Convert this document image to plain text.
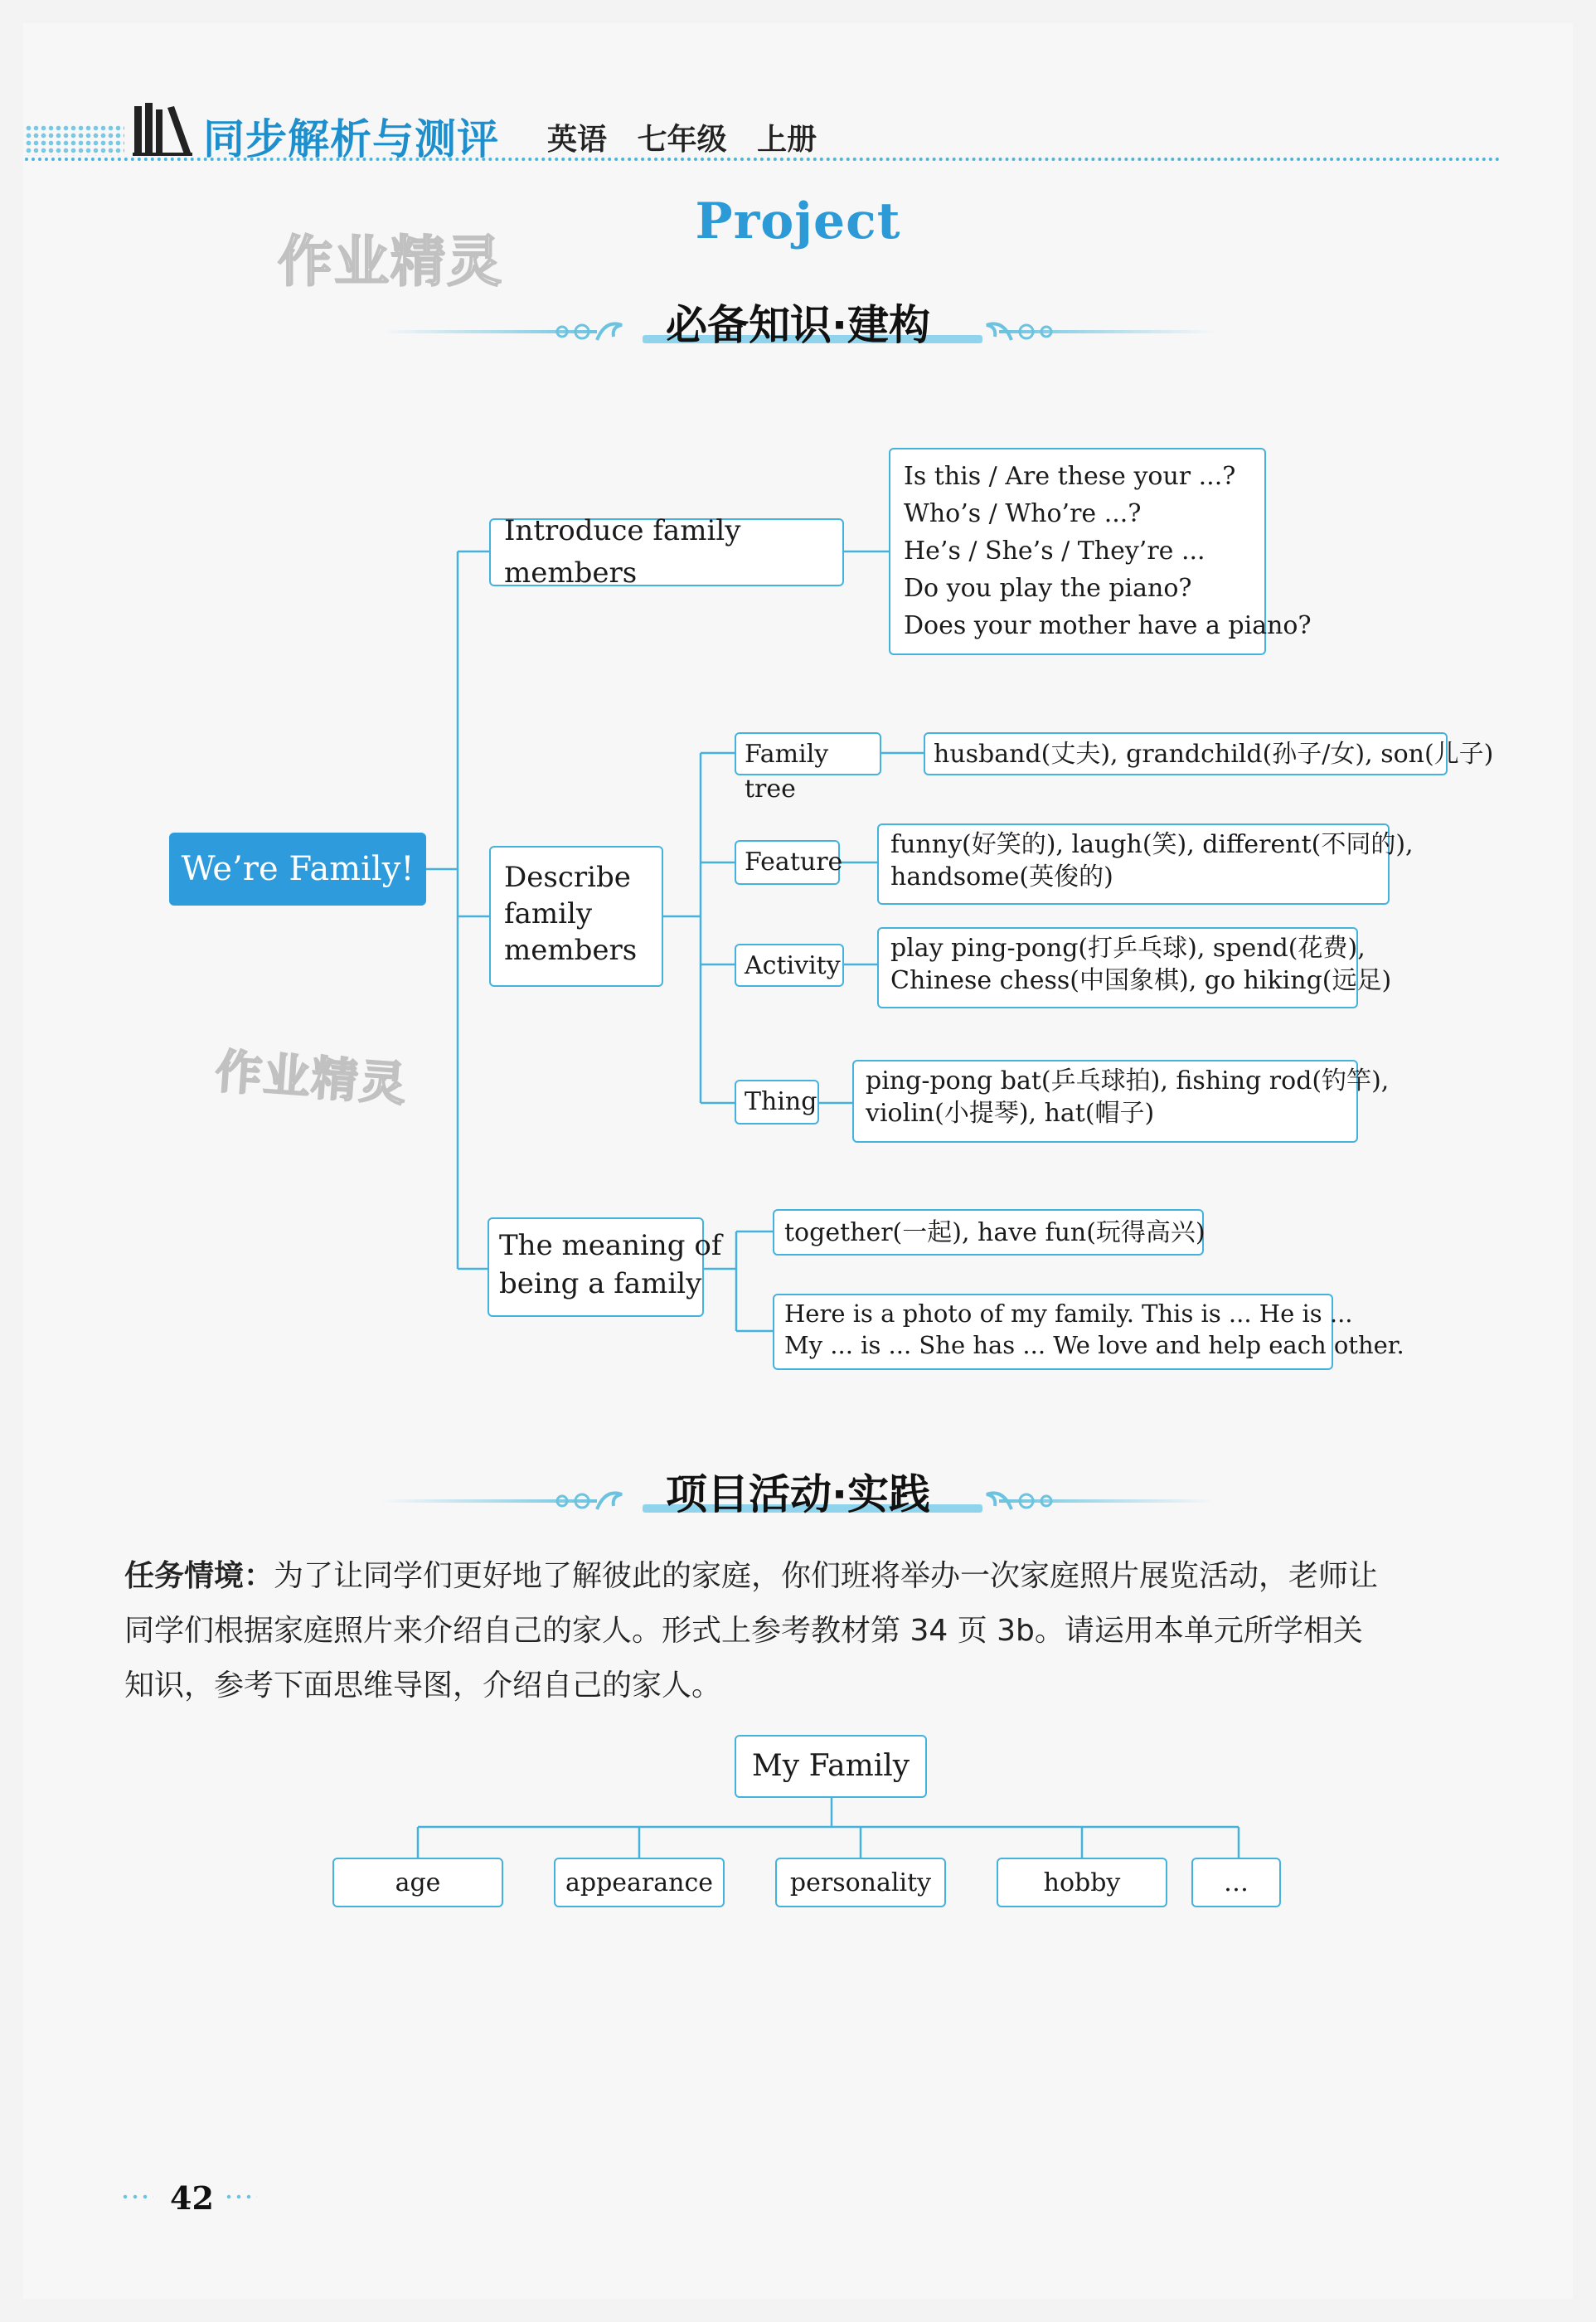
同步解析与测评 英语 七年级 上册
Project
作业精灵
必备知识·建构
We’re Family!
Introduce family members
Is this / Are these your ...?
Who’s / Who’re ...?
He’s / She’s / They’re ...
Do you play the piano?
Does your mother have a piano?
Describe
family
members
Family tree
husband(丈夫), grandchild(孙子/女), son(儿子)
Feature
funny(好笑的), laugh(笑), different(不同的),
handsome(英俊的)
Activity
play ping-pong(打乒乓球), spend(花费),
Chinese chess(中国象棋), go hiking(远足)
Thing
ping-pong bat(乒乓球拍), fishing rod(钓竿),
violin(小提琴), hat(帽子)
作业精灵
The meaning of
being a family
together(一起), have fun(玩得高兴)
Here is a photo of my family. This is ... He is ...
My ... is ... She has ... We love and help each other.
项目活动·实践
任务情境：为了让同学们更好地了解彼此的家庭，你们班将举办一次家庭照片展览活动，老师让
同学们根据家庭照片来介绍自己的家人。形式上参考教材第 34 页 3b。请运用本单元所学相关
知识，参考下面思维导图，介绍自己的家人。
My Family
age	appearance	personality	hobby	…
42
